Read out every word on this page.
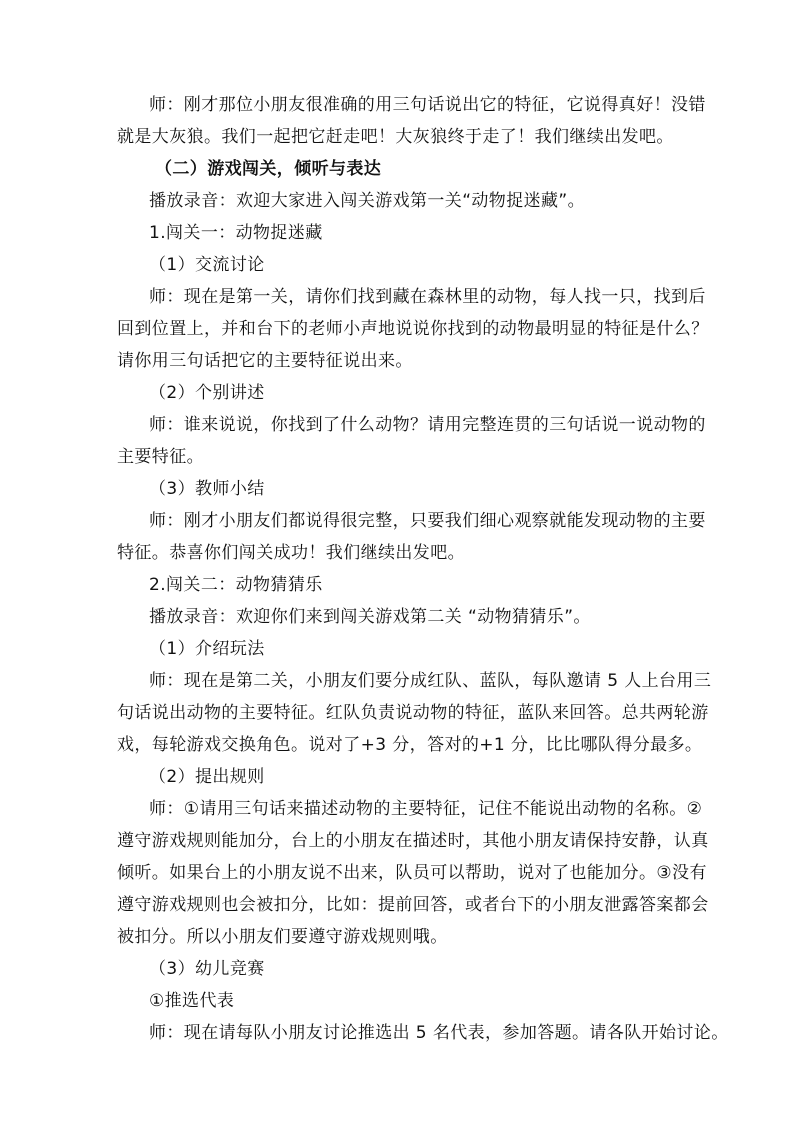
师：刚才那位小朋友很准确的用三句话说出它的特征，它说得真好！没错
就是大灰狼。我们一起把它赶走吧！大灰狼终于走了！我们继续出发吧。
（二）游戏闯关，倾听与表达
播放录音：欢迎大家进入闯关游戏第一关“动物捉迷藏”。
1.闯关一：动物捉迷藏
（1）交流讨论
师：现在是第一关，请你们找到藏在森林里的动物，每人找一只，找到后
回到位置上，并和台下的老师小声地说说你找到的动物最明显的特征是什么？
请你用三句话把它的主要特征说出来。
（2）个别讲述
师：谁来说说，你找到了什么动物？请用完整连贯的三句话说一说动物的
主要特征。
（3）教师小结
师：刚才小朋友们都说得很完整，只要我们细心观察就能发现动物的主要
特征。恭喜你们闯关成功！我们继续出发吧。
2.闯关二：动物猜猜乐
播放录音：欢迎你们来到闯关游戏第二关 “动物猜猜乐”。
（1）介绍玩法
师：现在是第二关，小朋友们要分成红队、蓝队，每队邀请 5 人上台用三
句话说出动物的主要特征。红队负责说动物的特征，蓝队来回答。总共两轮游
戏，每轮游戏交换角色。说对了+3 分，答对的+1 分，比比哪队得分最多。
（2）提出规则
师：①请用三句话来描述动物的主要特征，记住不能说出动物的名称。②
遵守游戏规则能加分，台上的小朋友在描述时，其他小朋友请保持安静，认真
倾听。如果台上的小朋友说不出来，队员可以帮助，说对了也能加分。③没有
遵守游戏规则也会被扣分，比如：提前回答，或者台下的小朋友泄露答案都会
被扣分。所以小朋友们要遵守游戏规则哦。
（3）幼儿竞赛
①推选代表
师：现在请每队小朋友讨论推选出 5 名代表，参加答题。请各队开始讨论。
